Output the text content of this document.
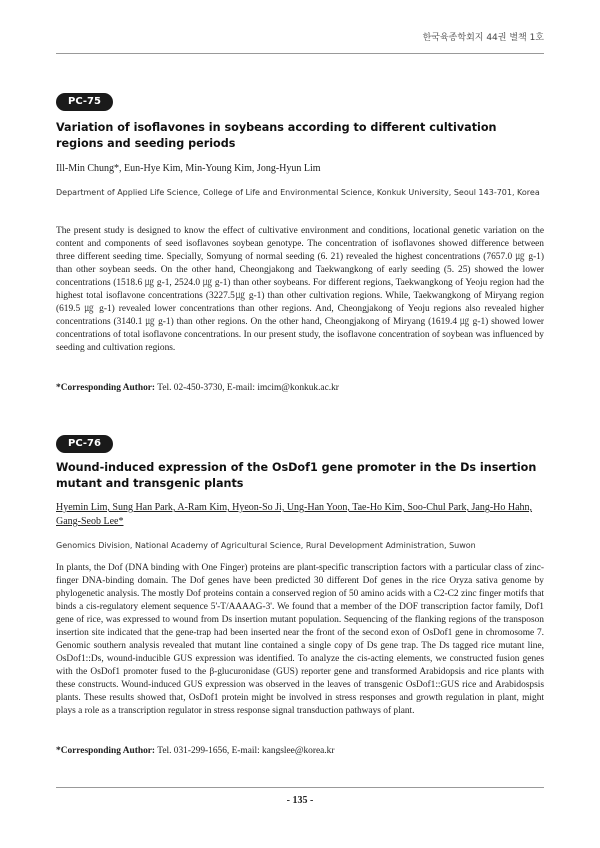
한국육종학회지 44권 별책 1호
PC-75
Variation of isoflavones in soybeans according to different cultivation regions and seeding periods
Ill-Min Chung*, Eun-Hye Kim, Min-Young Kim, Jong-Hyun Lim
Department of Applied Life Science, College of Life and Environmental Science, Konkuk University, Seoul 143-701, Korea
The present study is designed to know the effect of cultivative environment and conditions, locational genetic variation on the content and components of seed isoflavones soybean genotype. The concentration of isoflavones showed difference between three different seeding time. Specially, Somyung of normal seeding (6. 21) revealed the highest concentrations (7657.0 ㎍ g-1) than other soybean seeds. On the other hand, Cheongjakong and Taekwangkong of early seeding (5. 25) showed the lower concentrations (1518.6 ㎍ g-1, 2524.0 ㎍ g-1) than other soybeans. For different regions, Taekwangkong of Yeoju region had the highest total isoflavone concentrations (3227.5㎍ g-1) than other cultivation regions. While, Taekwangkong of Miryang region (619.5 ㎍ g-1) revealed lower concentrations than other regions. And, Cheongjakong of Yeoju regions also revealed higher concentrations (3140.1 ㎍ g-1) than other regions. On the other hand, Cheongjakong of Miryang (1619.4 ㎍ g-1) showed lower concentrations of total isoflavone concentrations. In our present study, the isoflavone concentration of soybean was influenced by seeding and cultivation regions.
*Corresponding Author: Tel. 02-450-3730, E-mail: imcim@konkuk.ac.kr
PC-76
Wound-induced expression of the OsDof1 gene promoter in the Ds insertion mutant and transgenic plants
Hyemin Lim, Sung Han Park, A-Ram Kim, Hyeon-So Ji, Ung-Han Yoon, Tae-Ho Kim, Soo-Chul Park, Jang-Ho Hahn, Gang-Seob Lee*
Genomics Division, National Academy of Agricultural Science, Rural Development Administration, Suwon
In plants, the Dof (DNA binding with One Finger) proteins are plant-specific transcription factors with a particular class of zinc-finger DNA-binding domain. The Dof genes have been predicted 30 different Dof genes in the rice Oryza sativa genome by phylogenetic analysis. The mostly Dof proteins contain a conserved region of 50 amino acids with a C2-C2 zinc finger motifs that binds a cis-regulatory element sequence 5'-T/AAAAG-3'. We found that a member of the DOF transcription factor family, Dof1 gene of rice, was expressed to wound from Ds insertion mutant population. Sequencing of the flanking regions of the transposon insertion site indicated that the gene-trap had been inserted near the front of the second exon of OsDof1 gene in chromosome 7. Genomic southern analysis revealed that mutant line contained a single copy of Ds gene trap. The Ds tagged rice mutant line, OsDof1::Ds, wound-inducible GUS expression was identified. To analyze the cis-acting elements, we constructed fusion genes with the OsDof1 promoter fused to the β-glucuronidase (GUS) reporter gene and transformed Arabidopsis and rice plants with these constructs. Wound-induced GUS expression was observed in the leaves of transgenic OsDof1::GUS rice and Arabidospsis plants. These results showed that, OsDof1 protein might be involved in stress responses and growth regulation in plant, might plays a role as a transcription regulator in stress response signal transduction pathways of plant.
*Corresponding Author: Tel. 031-299-1656, E-mail: kangslee@korea.kr
- 135 -
